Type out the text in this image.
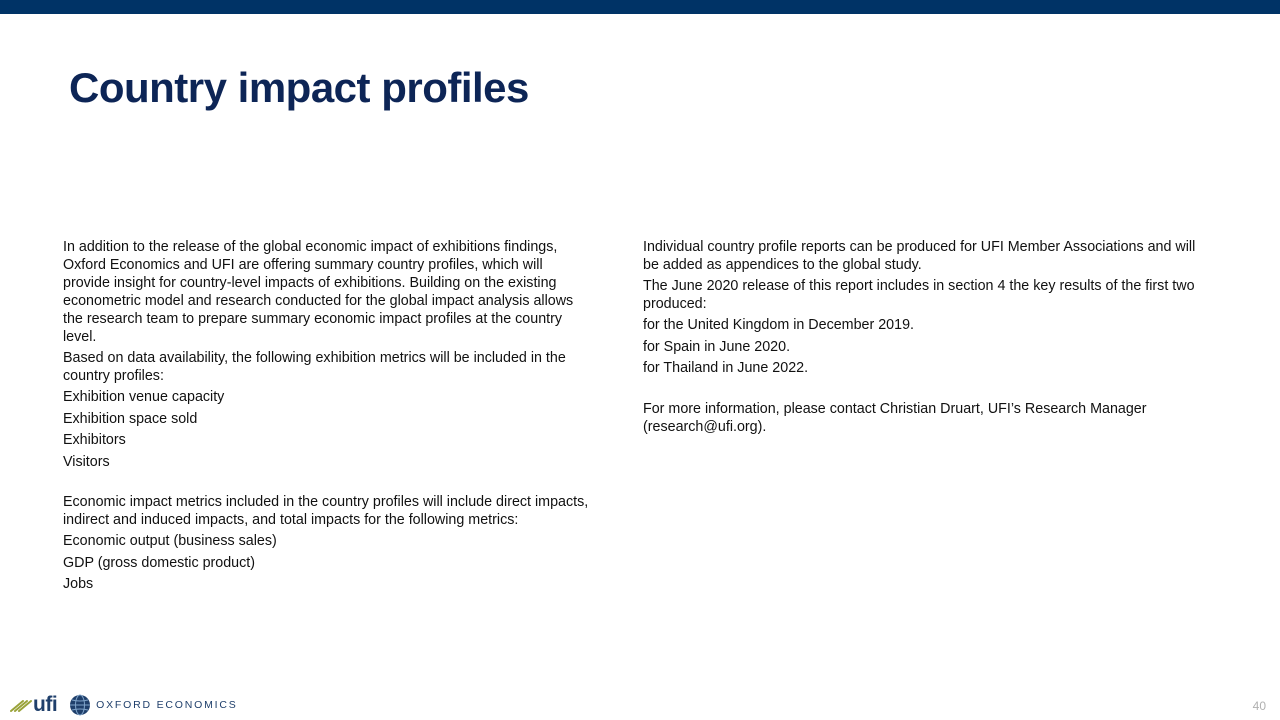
Country impact profiles

In addition to the release of the global economic impact of exhibitions findings, Oxford Economics and UFI are offering summary country profiles, which will provide insight for country-level impacts of exhibitions. Building on the existing econometric model and research conducted for the global impact analysis allows the research team to prepare summary economic impact profiles at the country level.

Based on data availability, the following exhibition metrics will be included in the country profiles:

Exhibition venue capacity

Exhibition space sold

Exhibitors

Visitors

Economic impact metrics included in the country profiles will include direct impacts, indirect and induced impacts, and total impacts for the following metrics:

Economic output (business sales)

GDP (gross domestic product)

Jobs

Individual country profile reports can be produced for UFI Member Associations and will be added as appendices to the global study.

The June 2020 release of this report includes in section 4 the key results of the first two produced:

for the United Kingdom in December 2019.

for Spain in June 2020.

for Thailand in June 2022.

For more information, please contact Christian Druart, UFI’s Research Manager (research@ufi.org).

ufi	OXFORD ECONOMICS	40
